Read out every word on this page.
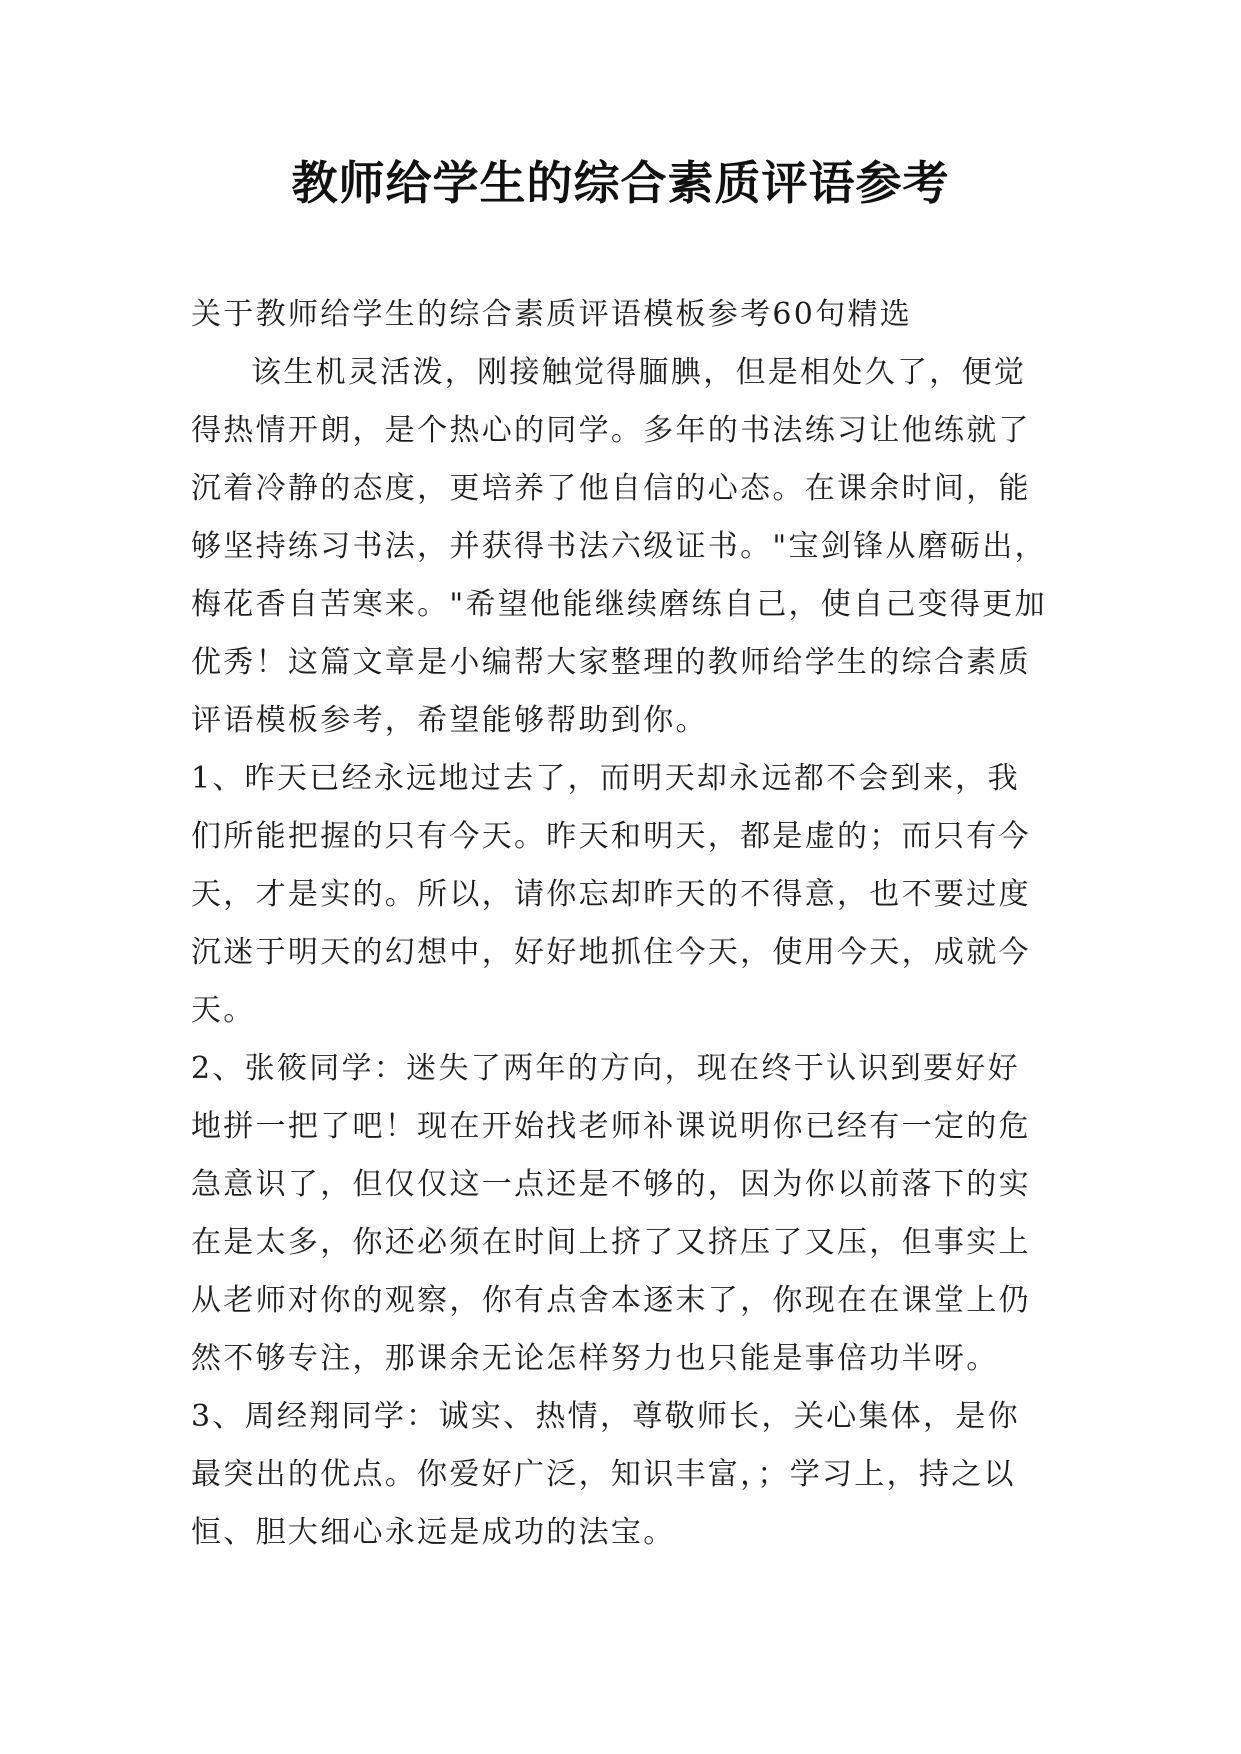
教师给学生的综合素质评语参考

关于教师给学生的综合素质评语模板参考60句精选

该生机灵活泼，刚接触觉得腼腆，但是相处久了，便觉得热情开朗，是个热心的同学。多年的书法练习让他练就了沉着冷静的态度，更培养了他自信的心态。在课余时间，能够坚持练习书法，并获得书法六级证书。"宝剑锋从磨砺出，梅花香自苦寒来。"希望他能继续磨练自己，使自己变得更加优秀！这篇文章是小编帮大家整理的教师给学生的综合素质评语模板参考，希望能够帮助到你。

1、昨天已经永远地过去了，而明天却永远都不会到来，我们所能把握的只有今天。昨天和明天，都是虚的；而只有今天，才是实的。所以，请你忘却昨天的不得意，也不要过度沉迷于明天的幻想中，好好地抓住今天，使用今天，成就今天。

2、张筱同学：迷失了两年的方向，现在终于认识到要好好地拼一把了吧！现在开始找老师补课说明你已经有一定的危急意识了，但仅仅这一点还是不够的，因为你以前落下的实在是太多，你还必须在时间上挤了又挤压了又压，但事实上从老师对你的观察，你有点舍本逐末了，你现在在课堂上仍然不够专注，那课余无论怎样努力也只能是事倍功半呀。

3、周经翔同学：诚实、热情，尊敬师长，关心集体，是你最突出的优点。你爱好广泛，知识丰富，；学习上，持之以恒、胆大细心永远是成功的法宝。
